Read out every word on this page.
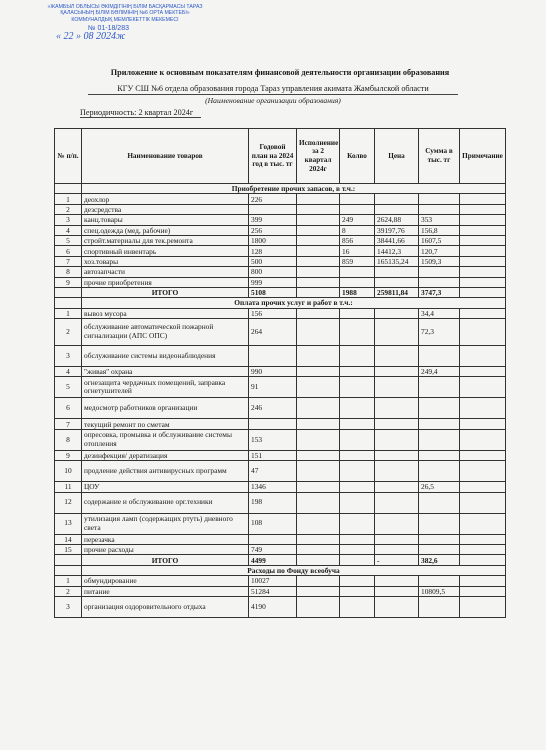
«ЖАМБЫЛ ОБЛЫСЫ ӘКІМДІГІНІҢ БІЛІМ БАСҚАРМАСЫ ТАРАЗ ҚАЛАСЫНЫҢ БІЛІМ БӨЛІМІНІҢ №6 ОРТА МЕКТЕБІ» КОММУНАЛДЫҚ МЕМЛЕКЕТТІК МЕКЕМЕСІ
№ 01-18/283
« 22 » 08 2024ж
Приложение к основным показателям финансовой деятельности организации образования
КГУ СШ №6 отдела образования города Тараз управления акимата Жамбылской области
(Наименование организации образования)
Периодичность: 2 квартал 2024г
№ п/п.	Наименование товаров	Годовой план на 2024 год в тыс. тг	Исполнение за 2 квартал 2024г	Колво	Цена	Сумма в тыс. тг	Примечание
	Приобретение прочих запасов, в т.ч.:						
1	деохлор	226					
2	дезсредства						
3	канц.товары	399		249	2624,88	353	
4	спец.одежда (мед, рабочие)	256		8	39197,76	156,8	
5	стройт.материалы для тек.ремонта	1800		856	38441,66	1607,5	
6	спортивный инвентарь	128		16	14412,3	120,7	
7	хоз.товары	500		859	165135,24	1509,3	
8	автозапчасти	800					
9	прочие приобретения	999					
	ИТОГО	5108		1988	259811,84	3747,3	
	Оплата прочих услуг и работ в т.ч.:						
1	вывоз мусора	156				34,4	
2	обслуживание автоматической пожарной сигнализации (АПС ОПС)	264				72,3	
3	обслуживание системы видеонаблюдения						
4	"живая" охрана	990				249,4	
5	огнезащита чердачных помещений, заправка огнетушителей	91					
6	медосмотр работников организации	246					
7	текущий ремонт по сметам						
8	опресовка, промывка и обслуживание системы отопления	153					
9	дезинфекция/ дератизация	151					
10	продление действия антивирусных программ	47					
11	ЦОУ	1346				26,5	
12	содержание и обслуживание орг.техники	198					
13	утилизация ламп (содержащих ртуть) дневного света	108					
14	перезачка						
15	прочие расходы	749					
	ИТОГО	4499			-	382,6	
	Расходы по Фонду всеобуча						
1	обмундирование	10027					
2	питание	51284				10809,5	
3	организация оздоровительного отдыха	4190					
